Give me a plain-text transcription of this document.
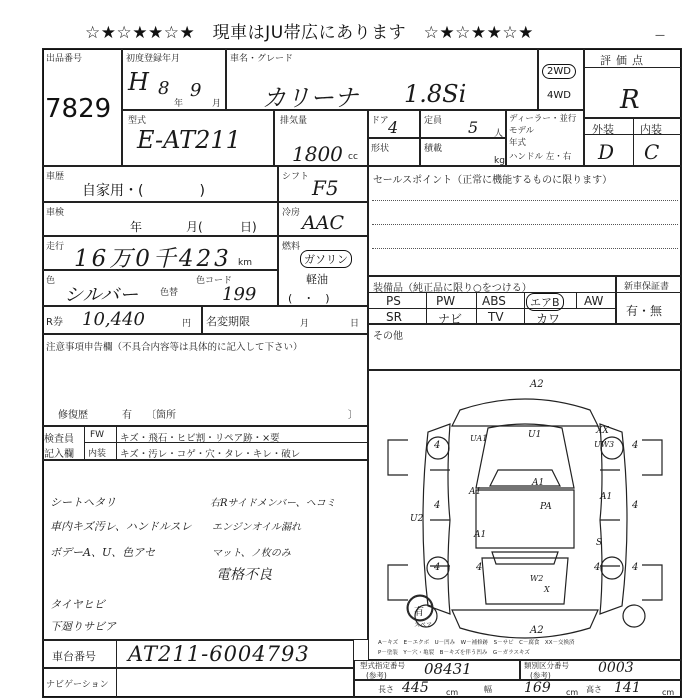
☆★☆★★☆★　現車はJU帯広にあります　☆★☆★★☆★	—
出品番号
7829
初度登録年月
H 8
年
9
月
車名・グレード
カリーナ 1.8Si
2WD
4WD
評価点
R
型式
E-AT211
排気量
1800 cc
ドア 4	定員 5 人
形状	積載
kg
ディーラー・並行
モデル
年式
ハンドル 左・右
外装 内装
D C
車歴
自家用・(　　　　)
シフト F5
車検
年	月(	日)
冷房 AAC
走行 16万0千423 km
燃料
ガソリン
軽油
(　・　)
色
シルバー 色替
色コード
199
R券 10,440	円 名変期限	月	日
注意事項申告欄（不具合内容等は具体的に記入して下さい）
修復歴	有 〔箇所	〕
検査員
記入欄
FW キズ・飛石・ヒビ割・リペア跡・×要
内装 キズ・汚レ・コゲ・穴・タレ・キレ・破レ
シートヘタリ
車内キズ汚レ、ハンドルスレ
ボデーA、U、色アセ
タイヤヒビ
下廻りサビア
右Rサイドメンバー、ヘコミ
エンジンオイル漏れ
マット、ノ枚のみ
電格不良
車台番号 AT211-6004793
ナビゲーション
セールスポイント（正常に機能するものに限ります）
装備品（純正品に限り○をつける）
PS	PW ABS	エアB	AW
SR	ナビ TV	カワ
新車保証書
有・無
その他
A2
UA1	U1	XX
UW3
A1
A1
A1
A1
PA
U2
S
W2
X
A2
4	4
4	4
4	4
4	4
有
スペア
A－キズ　E－エクボ　U－凹み　W－補修跡　S－サビ　C－腐食　XX－交換済
P－塗装　Y－穴・亀裂　B－キズを伴う凹み　G－ガラスキズ
型式指定番号
(参考) 08431	類別区分番号
(参考)	0003
長さ 445 cm	幅 169 cm 高さ 141	cm
